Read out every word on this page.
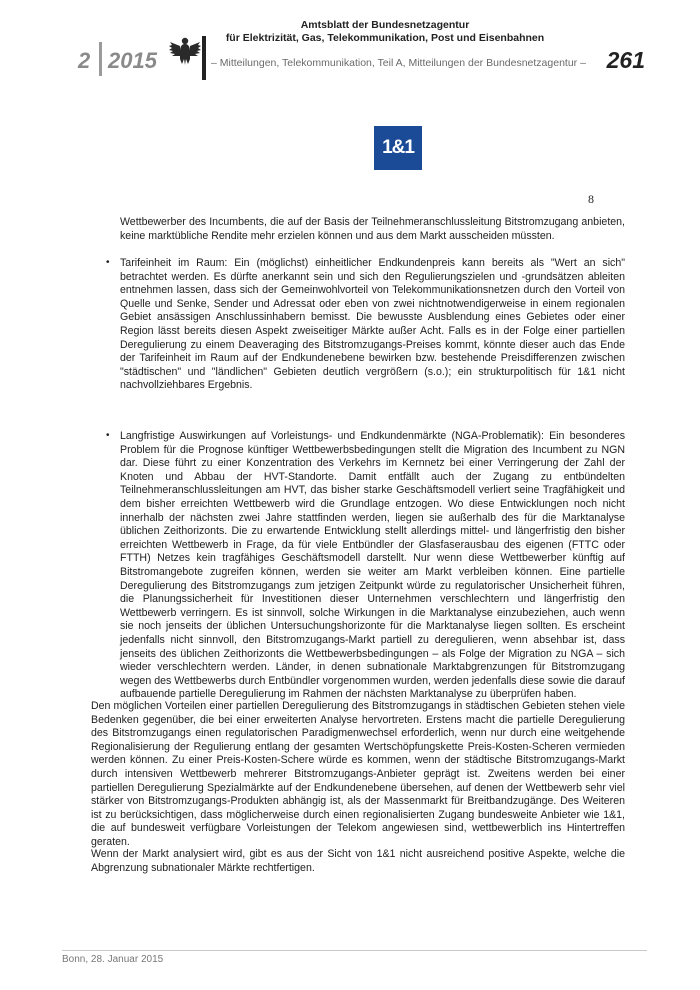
2 2015
Amtsblatt der Bundesnetzagentur
für Elektrizität, Gas, Telekommunikation, Post und Eisenbahnen
– Mitteilungen, Telekommunikation, Teil A, Mitteilungen der Bundesnetzagentur – 261
1&1
8
Wettbewerber des Incumbents, die auf der Basis der Teilnehmeranschlussleitung Bitstromzugang anbieten, keine marktübliche Rendite mehr erzielen können und aus dem Markt ausscheiden müssten.
• Tarifeinheit im Raum: Ein (möglichst) einheitlicher Endkundenpreis kann bereits als "Wert an sich" betrachtet werden. Es dürfte anerkannt sein und sich den Regulierungszielen und -grundsätzen ableiten entnehmen lassen, dass sich der Gemeinwohlvorteil von Telekommunikationsnetzen durch den Vorteil von Quelle und Senke, Sender und Adressat oder eben von zwei nichtnotwendigerweise in einem regionalen Gebiet ansässigen Anschlussinhabern bemisst. Die bewusste Ausblendung eines Gebietes oder einer Region lässt bereits diesen Aspekt zweiseitiger Märkte außer Acht. Falls es in der Folge einer partiellen Deregulierung zu einem Deaveraging des Bitstromzugangs-Preises kommt, könnte dieser auch das Ende der Tarifeinheit im Raum auf der Endkundenebene bewirken bzw. bestehende Preisdifferenzen zwischen "städtischen" und "ländlichen" Gebieten deutlich vergrößern (s.o.); ein strukturpolitisch für 1&1 nicht nachvollziehbares Ergebnis.
• Langfristige Auswirkungen auf Vorleistungs- und Endkundenmärkte (NGA-Problematik): Ein besonderes Problem für die Prognose künftiger Wettbewerbsbedingungen stellt die Migration des Incumbent zu NGN dar. Diese führt zu einer Konzentration des Verkehrs im Kernnetz bei einer Verringerung der Zahl der Knoten und Abbau der HVT-Standorte. Damit entfällt auch der Zugang zu entbündelten Teilnehmeranschlussleitungen am HVT, das bisher starke Geschäftsmodell verliert seine Tragfähigkeit und dem bisher erreichten Wettbewerb wird die Grundlage entzogen. Wo diese Entwicklungen noch nicht innerhalb der nächsten zwei Jahre stattfinden werden, liegen sie außerhalb des für die Marktanalyse üblichen Zeithorizonts. Die zu erwartende Entwicklung stellt allerdings mittel- und längerfristig den bisher erreichten Wettbewerb in Frage, da für viele Entbündler der Glasfaserausbau des eigenen (FTTC oder FTTH) Netzes kein tragfähiges Geschäftsmodell darstellt. Nur wenn diese Wettbewerber künftig auf Bitstromangebote zugreifen können, werden sie weiter am Markt verbleiben können. Eine partielle Deregulierung des Bitstromzugangs zum jetzigen Zeitpunkt würde zu regulatorischer Unsicherheit führen, die Planungssicherheit für Investitionen dieser Unternehmen verschlechtern und längerfristig den Wettbewerb verringern. Es ist sinnvoll, solche Wirkungen in die Marktanalyse einzubeziehen, auch wenn sie noch jenseits der üblichen Untersuchungshorizonte für die Marktanalyse liegen sollten. Es erscheint jedenfalls nicht sinnvoll, den Bitstromzugangs-Markt partiell zu deregulieren, wenn absehbar ist, dass jenseits des üblichen Zeithorizonts die Wettbewerbsbedingungen – als Folge der Migration zu NGA – sich wieder verschlechtern werden. Länder, in denen subnationale Marktabgrenzungen für Bitstromzugang wegen des Wettbewerbs durch Entbündler vorgenommen wurden, werden jedenfalls diese sowie die darauf aufbauende partielle Deregulierung im Rahmen der nächsten Marktanalyse zu überprüfen haben.
Den möglichen Vorteilen einer partiellen Deregulierung des Bitstromzugangs in städtischen Gebieten stehen viele Bedenken gegenüber, die bei einer erweiterten Analyse hervortreten. Erstens macht die partielle Deregulierung des Bitstromzugangs einen regulatorischen Paradigmenwechsel erforderlich, wenn nur durch eine weitgehende Regionalisierung der Regulierung entlang der gesamten Wertschöpfungskette Preis-Kosten-Scheren vermieden werden können. Zu einer Preis-Kosten-Schere würde es kommen, wenn der städtische Bitstromzugangs-Markt durch intensiven Wettbewerb mehrerer Bitstromzugangs-Anbieter geprägt ist. Zweitens werden bei einer partiellen Deregulierung Spezialmärkte auf der Endkundenebene übersehen, auf denen der Wettbewerb sehr viel stärker von Bitstromzugangs-Produkten abhängig ist, als der Massenmarkt für Breitbandzugänge. Des Weiteren ist zu berücksichtigen, dass möglicherweise durch einen regionalisierten Zugang bundesweite Anbieter wie 1&1, die auf bundesweit verfügbare Vorleistungen der Telekom angewiesen sind, wettbewerblich ins Hintertreffen geraten.
Wenn der Markt analysiert wird, gibt es aus der Sicht von 1&1 nicht ausreichend positive Aspekte, welche die Abgrenzung subnationaler Märkte rechtfertigen.
Bonn, 28. Januar 2015
